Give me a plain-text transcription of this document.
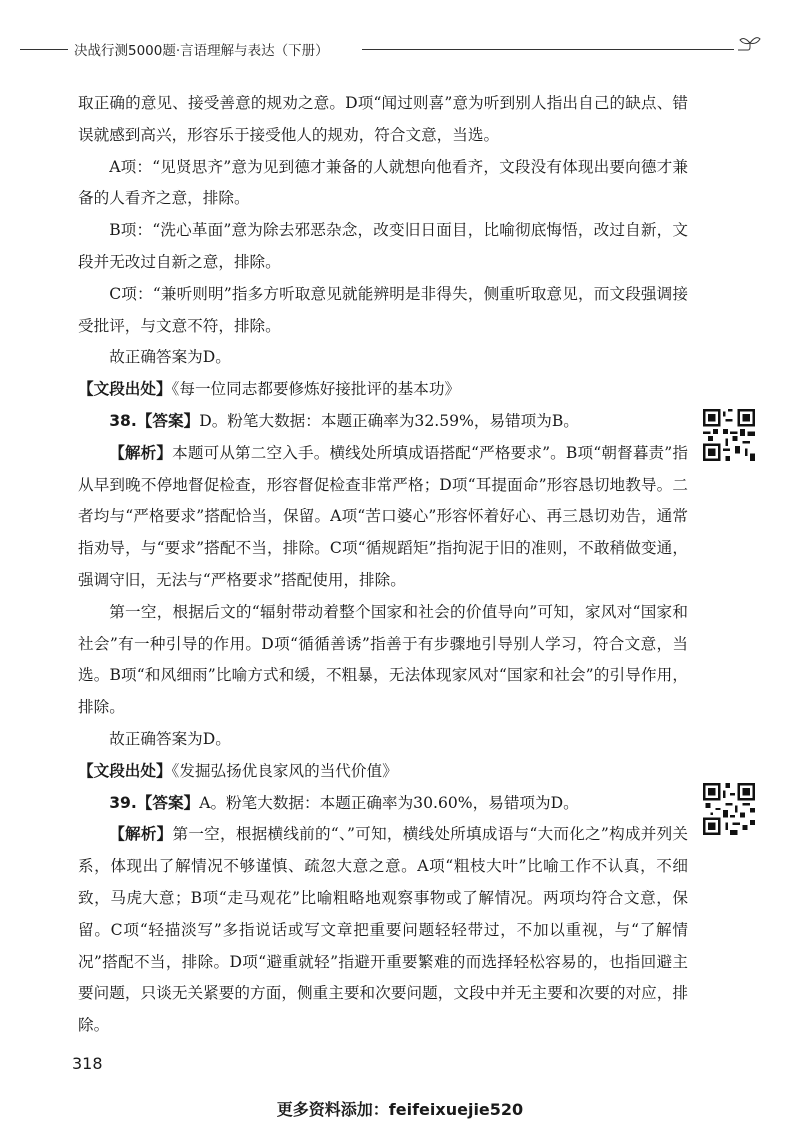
决战行测5000题·言语理解与表达（下册）

取正确的意见、接受善意的规劝之意。D项“闻过则喜”意为听到别人指出自己的缺点、错误就感到高兴，形容乐于接受他人的规劝，符合文意，当选。

A项：“见贤思齐”意为见到德才兼备的人就想向他看齐，文段没有体现出要向德才兼备的人看齐之意，排除。

B项：“洗心革面”意为除去邪恶杂念，改变旧日面目，比喻彻底悔悟，改过自新，文段并无改过自新之意，排除。

C项：“兼听则明”指多方听取意见就能辨明是非得失，侧重听取意见，而文段强调接受批评，与文意不符，排除。

故正确答案为D。

【文段出处】《每一位同志都要修炼好接批评的基本功》

38.【答案】D。粉笔大数据：本题正确率为32.59%，易错项为B。

【解析】本题可从第二空入手。横线处所填成语搭配“严格要求”。B项“朝督暮责”指从早到晚不停地督促检查，形容督促检查非常严格；D项“耳提面命”形容恳切地教导。二者均与“严格要求”搭配恰当，保留。A项“苦口婆心”形容怀着好心、再三恳切劝告，通常指劝导，与“要求”搭配不当，排除。C项“循规蹈矩”指拘泥于旧的准则，不敢稍做变通，强调守旧，无法与“严格要求”搭配使用，排除。

第一空，根据后文的“辐射带动着整个国家和社会的价值导向”可知，家风对“国家和社会”有一种引导的作用。D项“循循善诱”指善于有步骤地引导别人学习，符合文意，当选。B项“和风细雨”比喻方式和缓，不粗暴，无法体现家风对“国家和社会”的引导作用，排除。

故正确答案为D。

【文段出处】《发掘弘扬优良家风的当代价值》

39.【答案】A。粉笔大数据：本题正确率为30.60%，易错项为D。

【解析】第一空，根据横线前的“、”可知，横线处所填成语与“大而化之”构成并列关系，体现出了解情况不够谨慎、疏忽大意之意。A项“粗枝大叶”比喻工作不认真，不细致，马虎大意；B项“走马观花”比喻粗略地观察事物或了解情况。两项均符合文意，保留。C项“轻描淡写”多指说话或写文章把重要问题轻轻带过，不加以重视，与“了解情况”搭配不当，排除。D项“避重就轻”指避开重要繁难的而选择轻松容易的，也指回避主要问题，只谈无关紧要的方面，侧重主要和次要问题，文段中并无主要和次要的对应，排除。

318
更多资料添加：feifeixuejie520
